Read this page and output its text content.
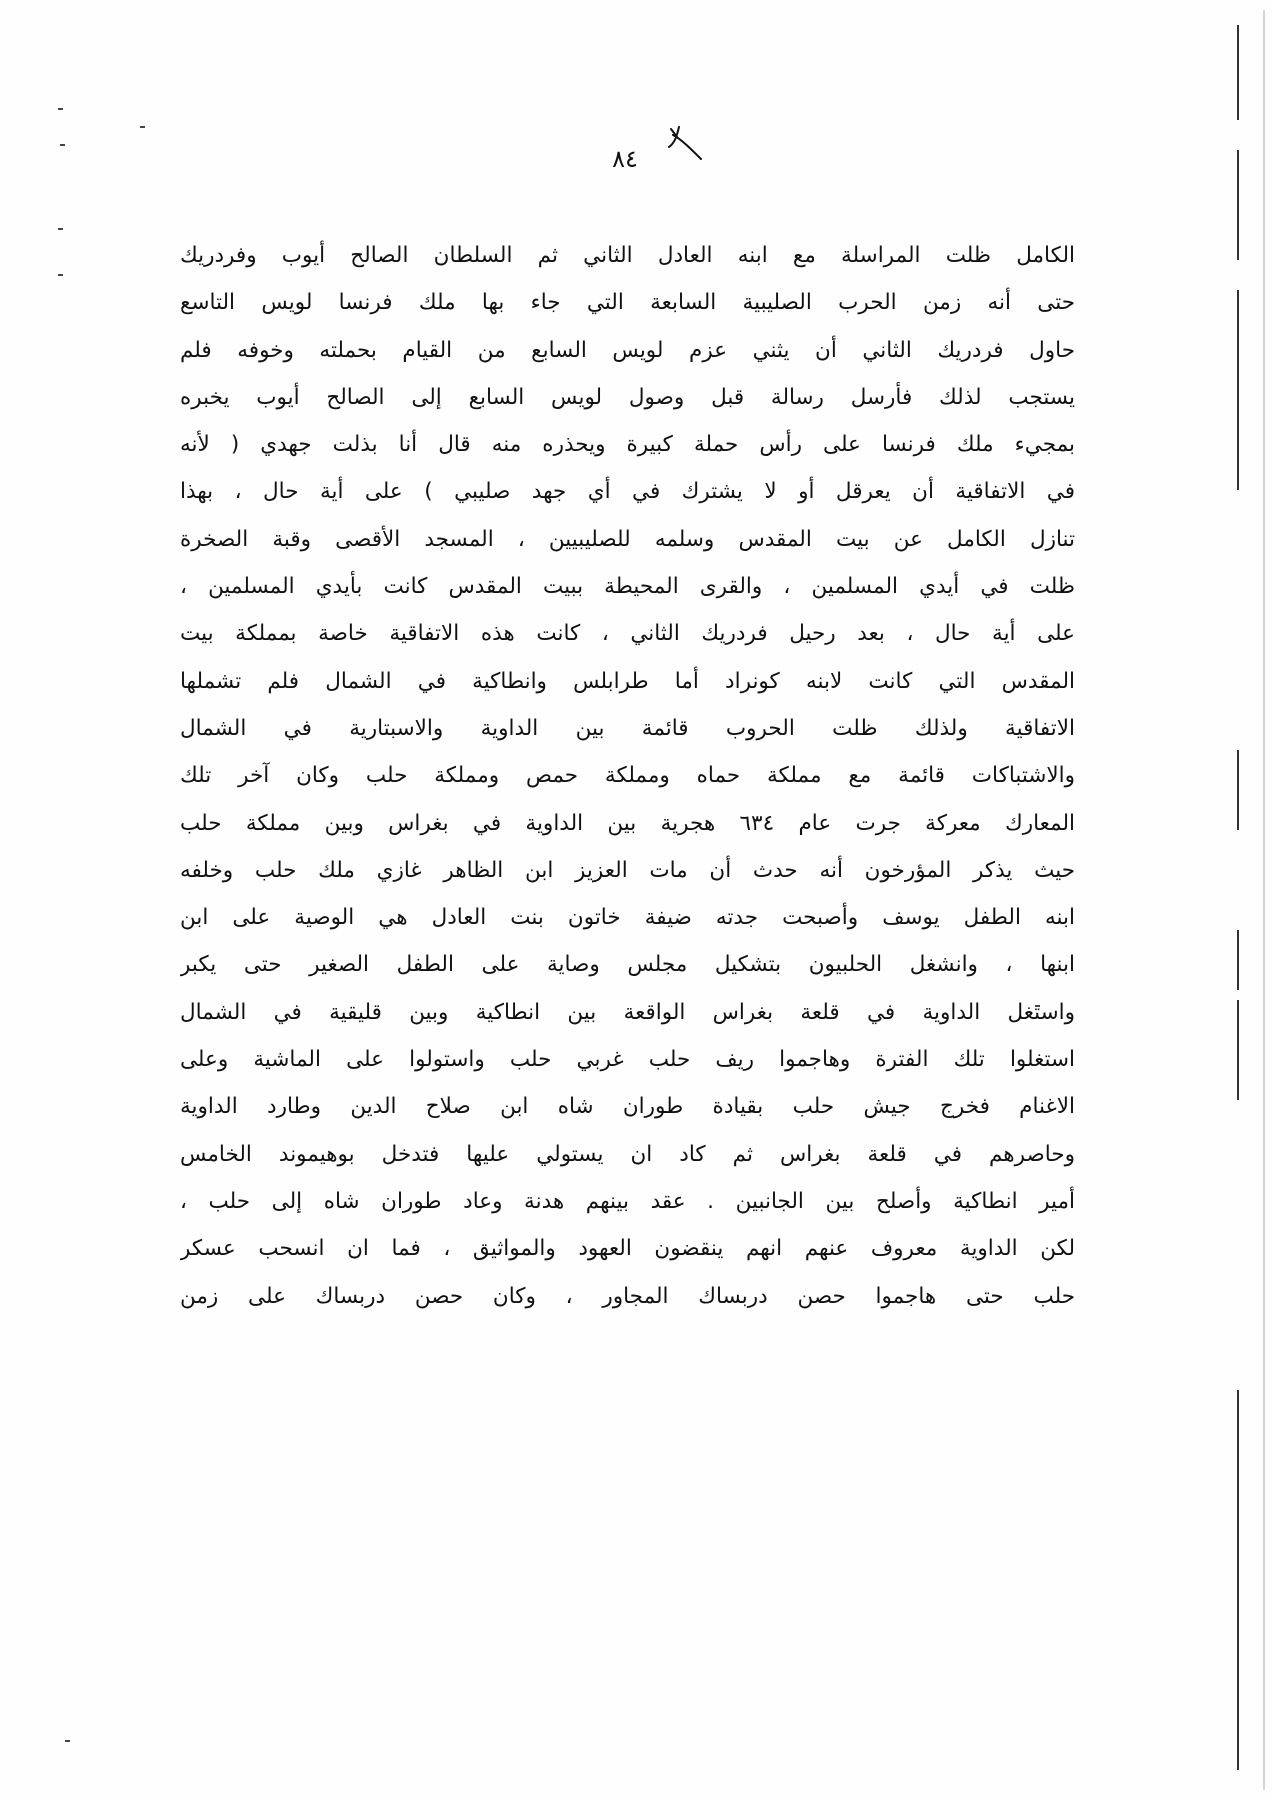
٨٤
الكامل ظلت المراسلة مع ابنه العادل الثاني ثم السلطان الصالح أيوب وفردريك
حتى أنه زمن الحرب الصليبية السابعة التي جاء بها ملك فرنسا لويس التاسع
حاول فردريك الثاني أن يثني عزم لويس السابع من القيام بحملته وخوفه فلم
يستجب لذلك فأرسل رسالة قبل وصول لويس السابع إلى الصالح أيوب يخبره
بمجيء ملك فرنسا على رأس حملة كبيرة ويحذره منه قال أنا بذلت جهدي ( لأنه
في الاتفاقية أن يعرقل أو لا يشترك في أي جهد صليبي ) على أية حال ، بهذا
تنازل الكامل عن بيت المقدس وسلمه للصليبيين ، المسجد الأقصى وقبة الصخرة
ظلت في أيدي المسلمين ، والقرى المحيطة ببيت المقدس كانت بأيدي المسلمين ،
على أية حال ، بعد رحيل فردريك الثاني ، كانت هذه الاتفاقية خاصة بمملكة بيت
المقدس التي كانت لابنه كونراد أما طرابلس وانطاكية في الشمال فلم تشملها
الاتفاقية ولذلك ظلت الحروب قائمة بين الداوية والاسبتارية في الشمال
والاشتباكات قائمة مع مملكة حماه ومملكة حمص ومملكة حلب وكان آخر تلك
المعارك معركة جرت عام ٦٣٤ هجرية بين الداوية في بغراس وبين مملكة حلب
حيث يذكر المؤرخون أنه حدث أن مات العزيز ابن الظاهر غازي ملك حلب وخلفه
ابنه الطفل يوسف وأصبحت جدته ضيفة خاتون بنت العادل هي الوصية على ابن
ابنها ، وانشغل الحلبيون بتشكيل مجلس وصاية على الطفل الصغير حتى يكبر
واستغل الداوية في قلعة بغراس الواقعة بين انطاكية وبين قليقية في الشمال
استغلوا تلك الفترة وهاجموا ريف حلب غربي حلب واستولوا على الماشية وعلى
الاغنام فخرج جيش حلب بقيادة طوران شاه ابن صلاح الدين وطارد الداوية
وحاصرهم في قلعة بغراس ثم كاد ان يستولي عليها فتدخل بوهيموند الخامس
أمير انطاكية وأصلح بين الجانبين . عقد بينهم هدنة وعاد طوران شاه إلى حلب ،
لكن الداوية معروف عنهم انهم ينقضون العهود والمواثيق ، فما ان انسحب عسكر
حلب حتى هاجموا حصن دربساك المجاور ، وكان حصن دربساك على زمن
